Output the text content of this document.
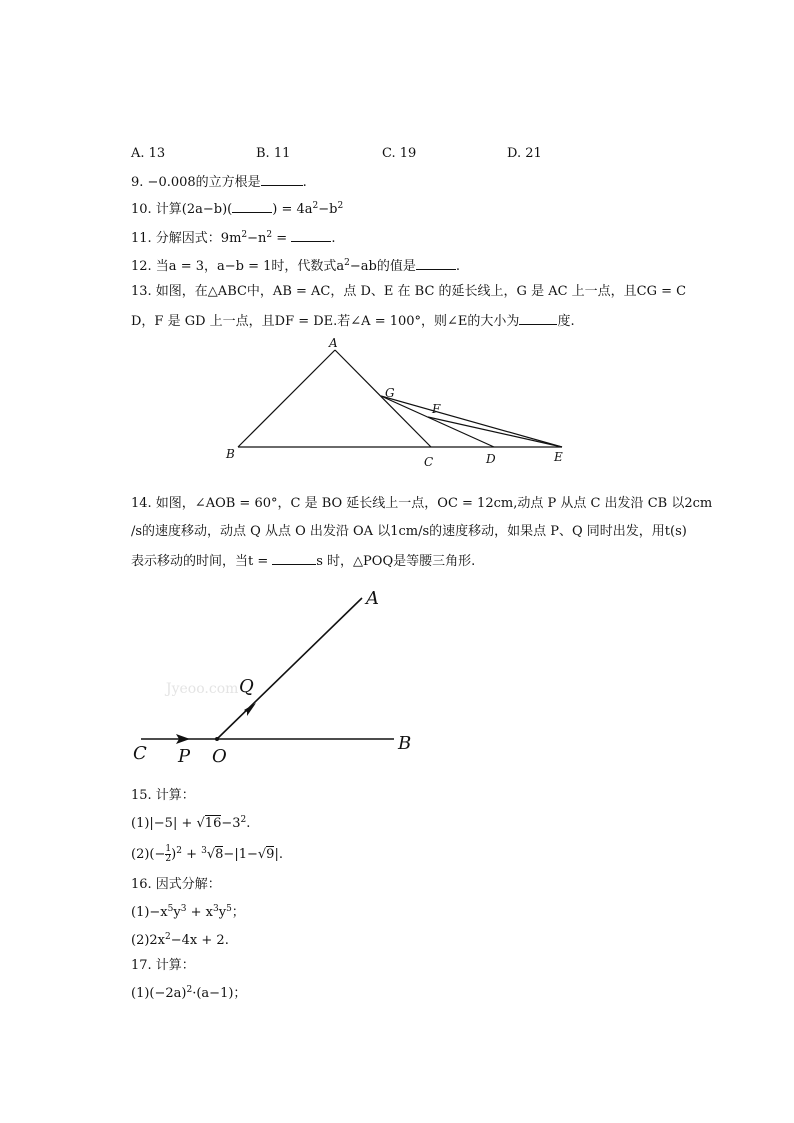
A. 13	B. 11	C. 19	D. 21
9. −0.008的立方根是	.
10. 计算(2a−b)(	) = $4a^2-b^2$
11. 分解因式：$9m^2-n^2$ =	.
12. 当a = 3，a−b = 1时，代数式$a^2-ab$的值是	.
13. 如图，在△ABC中，AB = AC，点 D、E 在 BC 的延长线上，G 是 AC 上一点，且CG = C
D，F 是 GD 上一点，且DF = DE.若∠A = 100°，则∠E的大小为	度.
A
B
C	D	E
G
F
Jyeoo.com
A
B
C	O
P
Q
14. 如图，∠AOB = 60°，C 是 BO 延长线上一点，OC = 12cm,动点 P 从点 C 出发沿 CB 以2cm
/s的速度移动，动点 Q 从点 O 出发沿 OA 以1cm/s的速度移动，如果点 P、Q 同时出发，用t(s)
表示移动的时间，当t =	s 时，△POQ是等腰三角形.
15. 计算：
$(1)|-5| + √16-3^2$.
$(2)(- \frac{1}{2} )^2 + ^3√8-|1-√9|$.
16. 因式分解：
$(1)-x^5y^3 + x^3y^5$；
$(2)2x^2-4x + 2$.
17. 计算：
$(1)(-2a)^2\cdot(a-1)$；
